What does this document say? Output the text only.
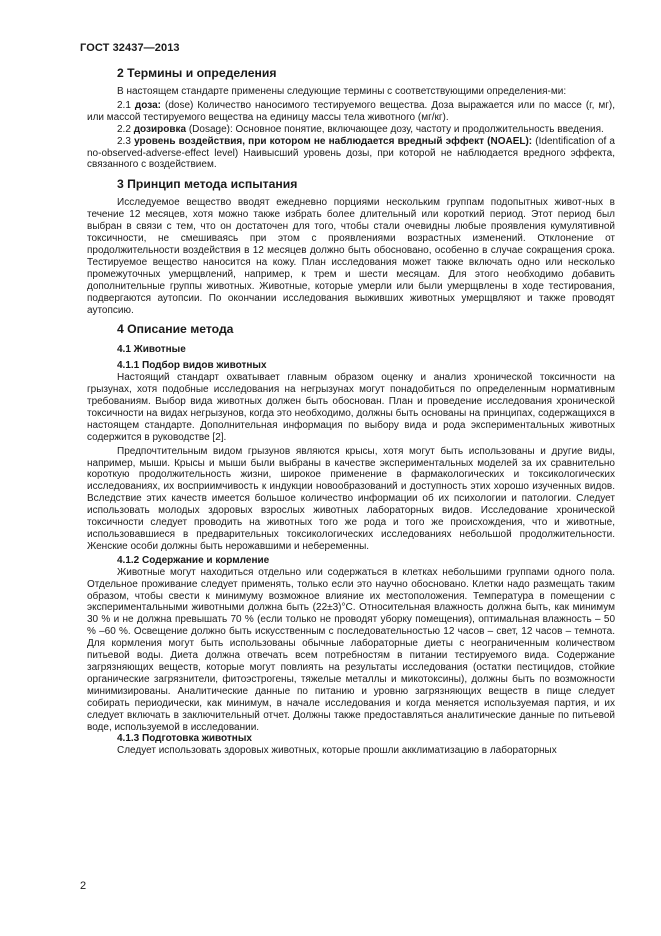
ГОСТ 32437—2013
2 Термины и определения

В настоящем стандарте применены следующие термины с соответствующими определения-ми:

2.1 доза: (dose) Количество наносимого тестируемого вещества. Доза выражается или по массе (г, мг), или массой тестируемого вещества на единицу массы тела животного (мг/кг).

2.2 дозировка (Dosage): Основное понятие, включающее дозу, частоту и продолжительность введения.

2.3 уровень воздействия, при котором не наблюдается вредный эффект (NOAEL): (Identification of a no-observed-adverse-effect level) Наивысший уровень дозы, при которой не наблюдается вредного эффекта, связанного с воздействием.

3 Принцип метода испытания

Исследуемое вещество вводят ежедневно порциями нескольким группам подопытных живот-ных в течение 12 месяцев, хотя можно также избрать более длительный или короткий период. Этот период был выбран в связи с тем, что он достаточен для того, чтобы стали очевидны любые проявления кумулятивной токсичности, не смешиваясь при этом с проявлениями возрастных изменений. Отклонение от продолжительности воздействия в 12 месяцев должно быть обосновано, особенно в случае сокращения срока. Тестируемое вещество наносится на кожу. План исследования может также включать одно или несколько промежуточных умерщвлений, например, к трем и шести месяцам. Для этого необходимо добавить дополнительные группы животных. Животные, которые умерли или были умерщвлены в ходе тестирования, подвергаются аутопсии. По окончании исследования выживших животных умерщвляют и также проводят аутопсию.

4 Описание метода
4.1 Животные
4.1.1 Подбор видов животных

Настоящий стандарт охватывает главным образом оценку и анализ хронической токсичности на грызунах, хотя подобные исследования на негрызунах могут понадобиться по определенным нормативным требованиям. Выбор вида животных должен быть обоснован. План и проведение исследования хронической токсичности на видах негрызунов, когда это необходимо, должны быть основаны на принципах, содержащихся в настоящем стандарте. Дополнительная информация по выбору вида и рода экспериментальных животных содержится в руководстве [2].

Предпочтительным видом грызунов являются крысы, хотя могут быть использованы и другие виды, например, мыши. Крысы и мыши были выбраны в качестве экспериментальных моделей за их сравнительно короткую продолжительность жизни, широкое применение в фармакологических и токсикологических исследованиях, их восприимчивость к индукции новообразований и доступность этих хорошо изученных видов. Вследствие этих качеств имеется большое количество информации об их психологии и патологии. Следует использовать молодых здоровых взрослых животных лабораторных видов. Исследование хронической токсичности следует проводить на животных того же рода и того же происхождения, что и животные, использовавшиеся в предварительных токсикологических исследованиях небольшой продолжительности. Женские особи должны быть нерожавшими и небеременны.

4.1.2 Содержание и кормление

Животные могут находиться отдельно или содержаться в клетках небольшими группами одного пола. Отдельное проживание следует применять, только если это научно обосновано. Клетки надо размещать таким образом, чтобы свести к минимуму возможное влияние их местоположения. Температура в помещении с экспериментальными животными должна быть (22±3)°С. Относительная влажность должна быть, как минимум 30 % и не должна превышать 70 % (если только не проводят уборку помещения), оптимальная влажность – 50 % –60 %. Освещение должно быть искусственным с последовательностью 12 часов – свет, 12 часов – темнота. Для кормления могут быть использованы обычные лабораторные диеты с неограниченным количеством питьевой воды. Диета должна отвечать всем потребностям в питании тестируемого вида. Содержание загрязняющих веществ, которые могут повлиять на результаты исследования (остатки пестицидов, стойкие органические загрязнители, фитоэстрогены, тяжелые металлы и микотоксины), должны быть по возможности минимизированы. Аналитические данные по питанию и уровню загрязняющих веществ в пище следует собирать периодически, как минимум, в начале исследования и когда меняется используемая партия, и их следует включать в заключительный отчет. Должны также предоставляться аналитические данные по питьевой воде, используемой в исследовании.

4.1.3 Подготовка животных

Следует использовать здоровых животных, которые прошли акклиматизацию в лабораторных

2
